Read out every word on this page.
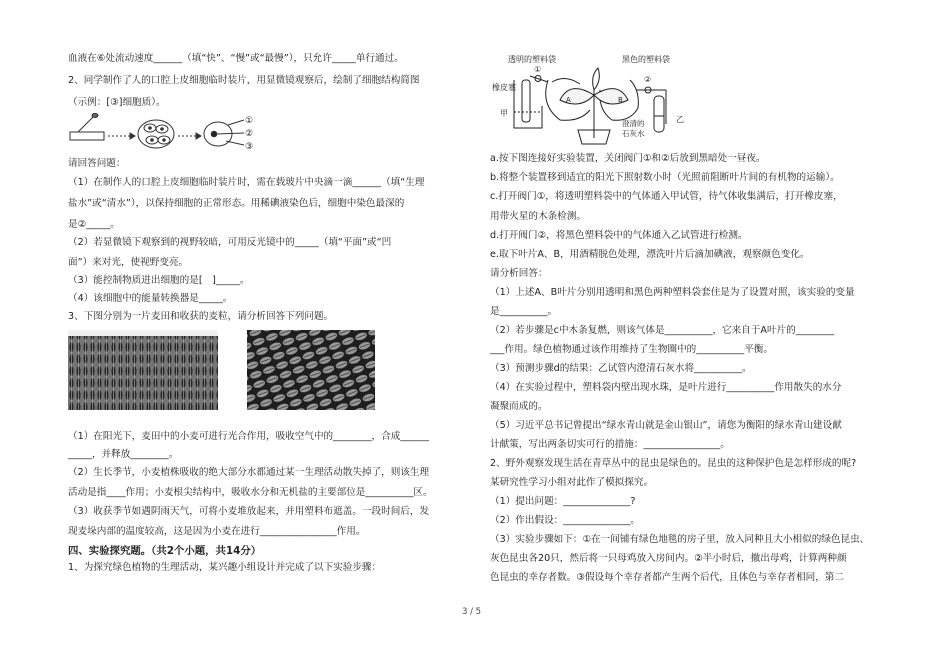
血液在⑥处流动速度______（填“快”、“慢”或“最慢”），只允许_____单行通过。
2、同学制作了人的口腔上皮细胞临时装片，用显微镜观察后，绘制了细胞结构简图
（示例：[③]细胞质）。
①
②
③
请回答问题：
（1）在制作人的口腔上皮细胞临时装片时，需在载玻片中央滴一滴______（填“生理
盐水”或“清水”），以保持细胞的正常形态。用稀碘液染色后，细胞中染色最深的
是②_____。
（2）若显微镜下观察到的视野较暗，可用反光镜中的_____（填“平面”或“凹
面”）来对光，使视野变亮。
（3）能控制物质进出细胞的是[　]_____。
（4）该细胞中的能量转换器是_____。
3、下图分别为一片麦田和收获的麦粒，请分析回答下列问题。
（1）在阳光下，麦田中的小麦可进行光合作用，吸收空气中的________，合成______
_____，并释放________。
（2）生长季节，小麦植株吸收的绝大部分水都通过某一生理活动散失掉了，则该生理
活动是指____作用；小麦根尖结构中，吸收水分和无机盐的主要部位是__________区。
（3）收获季节如遇阴雨天气，可将小麦堆放起来，并用塑料布遮盖。一段时间后，发
现麦垛内部的温度较高，这是因为小麦在进行________________作用。
四、实验探究题。（共2个小题，共14分）
1、为探究绿色植物的生理活动，某兴趣小组设计并完成了以下实验步骤：
透明的塑料袋	黑色的塑料袋
橡皮塞
①
②
甲
乙
A	B
澄清的
石灰水
a.按下图连接好实验装置，关闭阀门①和②后放到黑暗处一昼夜。
b.将整个装置移到适宜的阳光下照射数小时（光照前阻断叶片间的有机物的运输）。
c.打开阀门①，将透明塑料袋中的气体通入甲试管，待气体收集满后，打开橡皮塞，
用带火星的木条检测。
d.打开阀门②，将黑色塑料袋中的气体通入乙试管进行检测。
e.取下叶片A、B，用酒精脱色处理，漂洗叶片后滴加碘液，观察颜色变化。
请分析回答：
（1）上述A、B叶片分别用透明和黑色两种塑料袋套住是为了设置对照，该实验的变量
是__________。
（2）若步骤是c中木条复燃，则该气体是__________，它来自于A叶片的________
___作用。绿色植物通过该作用维持了生物圈中的__________平衡。
（3）预测步骤d的结果：乙试管内澄清石灰水将__________。
（4）在实验过程中，塑料袋内壁出现水珠，是叶片进行__________作用散失的水分
凝聚而成的。
（5）习近平总书记曾提出“绿水青山就是金山银山”，请您为衡阳的绿水青山建设献
计献策，写出两条切实可行的措施：________________。
2、野外观察发现生活在青草丛中的昆虫是绿色的。昆虫的这种保护色是怎样形成的呢?
某研究性学习小组对此作了模拟探究。
（1）提出问题：______________?
（2）作出假设：______________。
（3）实验步骤如下：①在一间铺有绿色地毯的房子里，放入同种且大小相似的绿色昆虫、
灰色昆虫各20只，然后将一只母鸡放入房间内。②半小时后，撤出母鸡，计算两种颜
色昆虫的幸存者数。③假设每个幸存者都产生两个后代，且体色与幸存者相同，第二
3 / 5
